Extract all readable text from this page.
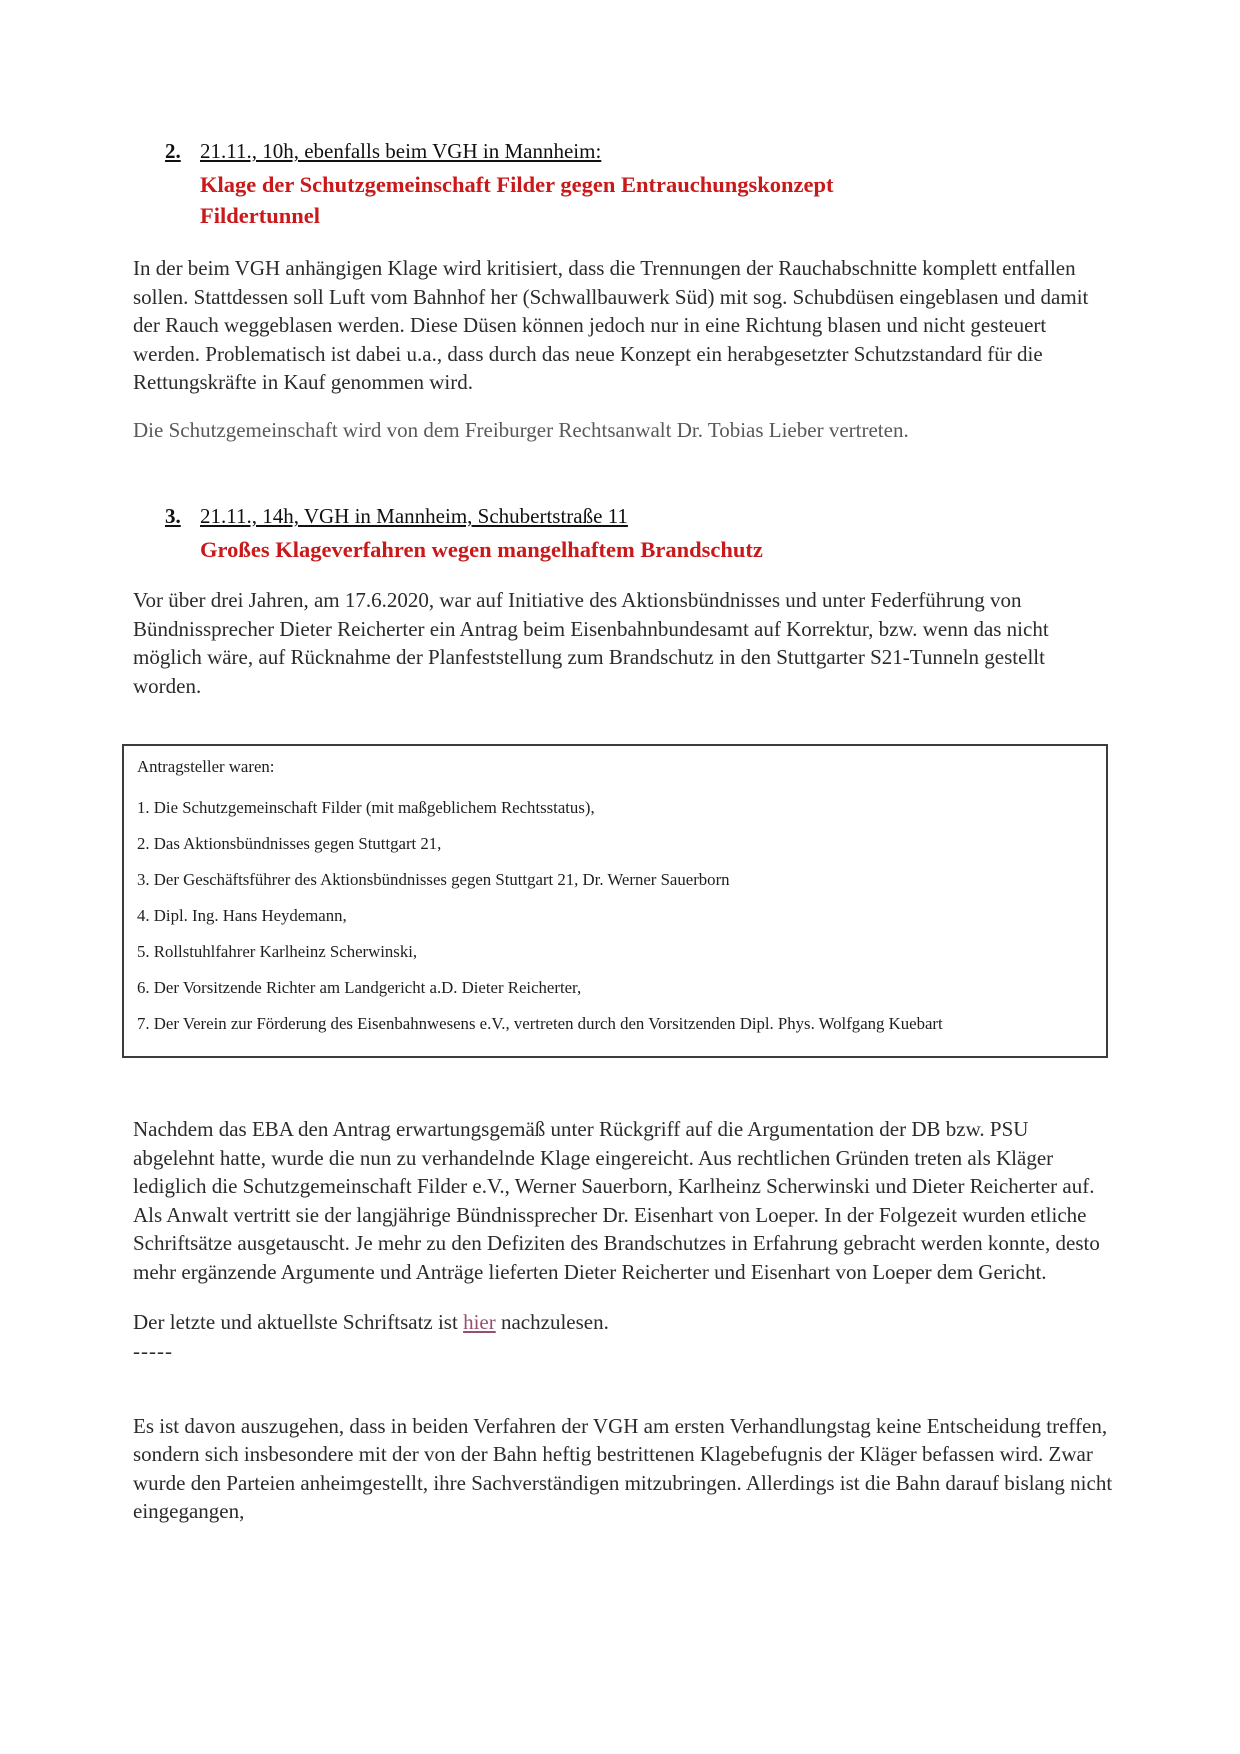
2. 21.11., 10h, ebenfalls beim VGH in Mannheim:
Klage der Schutzgemeinschaft Filder gegen Entrauchungskonzept
Fildertunnel

In der beim VGH anhängigen Klage wird kritisiert, dass die Trennungen der Rauchabschnitte komplett entfallen sollen. Stattdessen soll Luft vom Bahnhof her (Schwallbauwerk Süd) mit sog. Schubdüsen eingeblasen und damit der Rauch weggeblasen werden. Diese Düsen können jedoch nur in eine Richtung blasen und nicht gesteuert werden. Problematisch ist dabei u.a., dass durch das neue Konzept ein herabgesetzter Schutzstandard für die Rettungskräfte in Kauf genommen wird.

Die Schutzgemeinschaft wird von dem Freiburger Rechtsanwalt Dr. Tobias Lieber vertreten.

3. 21.11., 14h, VGH in Mannheim, Schubertstraße 11
Großes Klageverfahren wegen mangelhaftem Brandschutz

Vor über drei Jahren, am 17.6.2020, war auf Initiative des Aktionsbündnisses und unter Federführung von Bündnissprecher Dieter Reicherter ein Antrag beim Eisenbahnbundesamt auf Korrektur, bzw. wenn das nicht möglich wäre, auf Rücknahme der Planfeststellung zum Brandschutz in den Stuttgarter S21-Tunneln gestellt worden.

Antragsteller waren:

1. Die Schutzgemeinschaft Filder (mit maßgeblichem Rechtsstatus),

2. Das Aktionsbündnisses gegen Stuttgart 21,

3. Der Geschäftsführer des Aktionsbündnisses gegen Stuttgart 21, Dr. Werner Sauerborn

4. Dipl. Ing. Hans Heydemann,

5. Rollstuhlfahrer Karlheinz Scherwinski,

6. Der Vorsitzende Richter am Landgericht a.D. Dieter Reicherter,

7. Der Verein zur Förderung des Eisenbahnwesens e.V., vertreten durch den Vorsitzenden Dipl. Phys. Wolfgang Kuebart

Nachdem das EBA den Antrag erwartungsgemäß unter Rückgriff auf die Argumentation der DB bzw. PSU abgelehnt hatte, wurde die nun zu verhandelnde Klage eingereicht. Aus rechtlichen Gründen treten als Kläger lediglich die Schutzgemeinschaft Filder e.V., Werner Sauerborn, Karlheinz Scherwinski und Dieter Reicherter auf. Als Anwalt vertritt sie der langjährige Bündnissprecher Dr. Eisenhart von Loeper. In der Folgezeit wurden etliche Schriftsätze ausgetauscht. Je mehr zu den Defiziten des Brandschutzes in Erfahrung gebracht werden konnte, desto mehr ergänzende Argumente und Anträge lieferten Dieter Reicherter und Eisenhart von Loeper dem Gericht.

Der letzte und aktuellste Schriftsatz ist hier nachzulesen.

-----

Es ist davon auszugehen, dass in beiden Verfahren der VGH am ersten Verhandlungstag keine Entscheidung treffen, sondern sich insbesondere mit der von der Bahn heftig bestrittenen Klagebefugnis der Kläger befassen wird. Zwar wurde den Parteien anheimgestellt, ihre Sachverständigen mitzubringen. Allerdings ist die Bahn darauf bislang nicht eingegangen,
